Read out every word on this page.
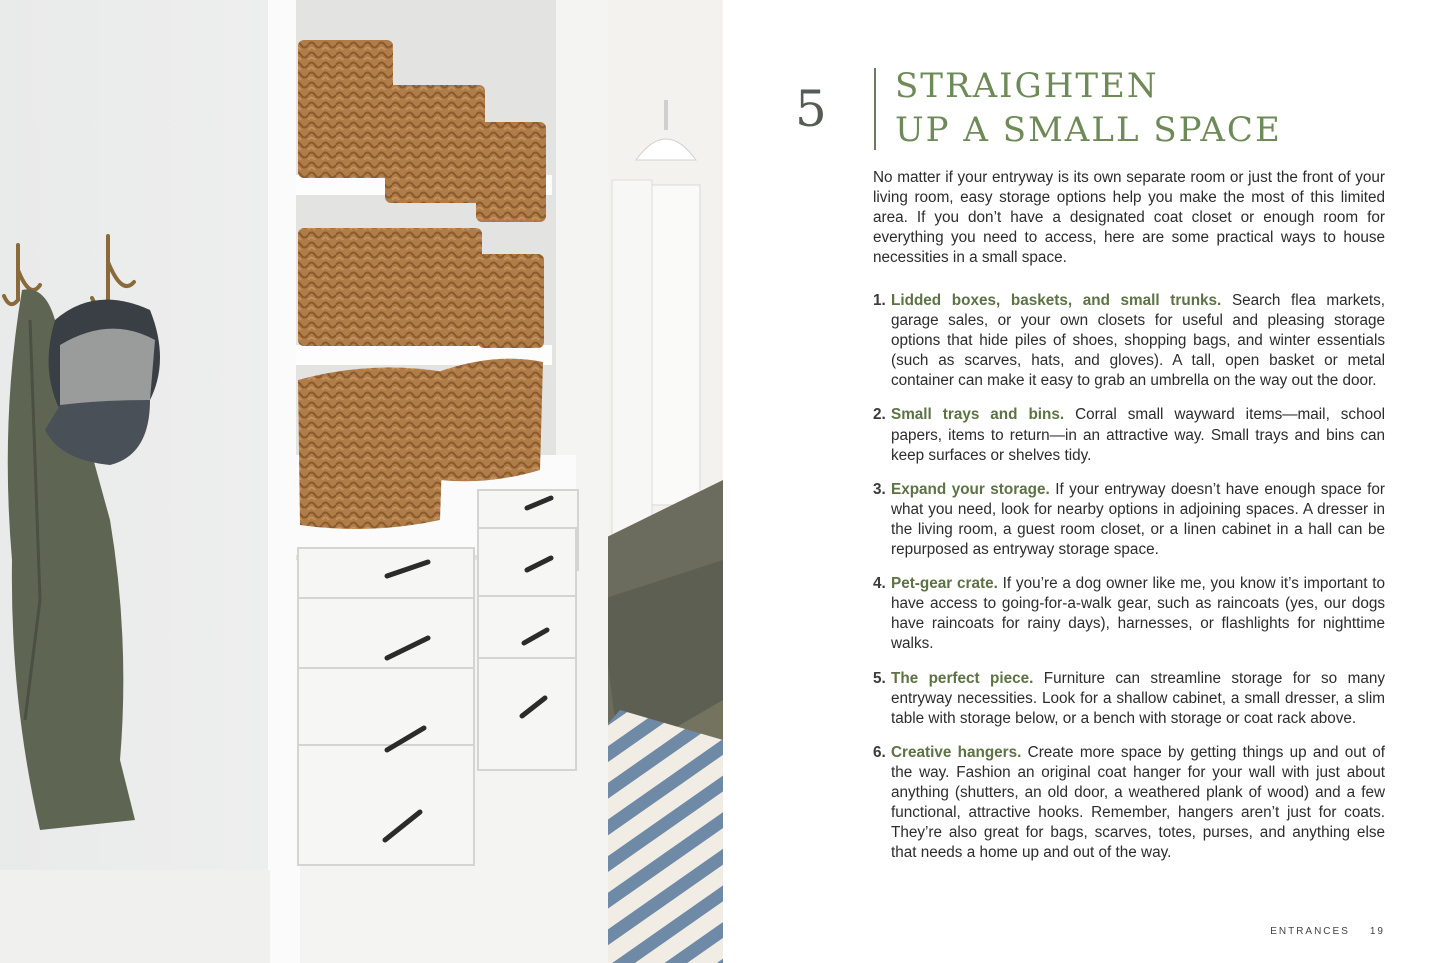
5 STRAIGHTEN
UP A SMALL SPACE

No matter if your entryway is its own separate room or just the front of your living room, easy storage options help you make the most of this limited area. If you don’t have a designated coat closet or enough room for everything you need to access, here are some practical ways to house necessities in a small space.

1. Lidded boxes, baskets, and small trunks. Search flea markets, garage sales, or your own closets for useful and pleasing storage options that hide piles of shoes, shopping bags, and winter essentials (such as scarves, hats, and gloves). A tall, open basket or metal container can make it easy to grab an umbrella on the way out the door.
2. Small trays and bins. Corral small wayward items—mail, school papers, items to return—in an attractive way. Small trays and bins can keep surfaces or shelves tidy.
3. Expand your storage. If your entryway doesn’t have enough space for what you need, look for nearby options in adjoining spaces. A dresser in the living room, a guest room closet, or a linen cabinet in a hall can be repurposed as entryway storage space.
4. Pet-gear crate. If you’re a dog owner like me, you know it’s important to have access to going-for-a-walk gear, such as raincoats (yes, our dogs have raincoats for rainy days), harnesses, or flashlights for nighttime walks.
5. The perfect piece. Furniture can streamline storage for so many entryway necessities. Look for a shallow cabinet, a small dresser, a slim table with storage below, or a bench with storage or coat rack above.
6. Creative hangers. Create more space by getting things up and out of the way. Fashion an original coat hanger for your wall with just about anything (shutters, an old door, a weathered plank of wood) and a few functional, attractive hooks. Remember, hangers aren’t just for coats. They’re also great for bags, scarves, totes, purses, and anything else that needs a home up and out of the way.
ENTRANCES 19
